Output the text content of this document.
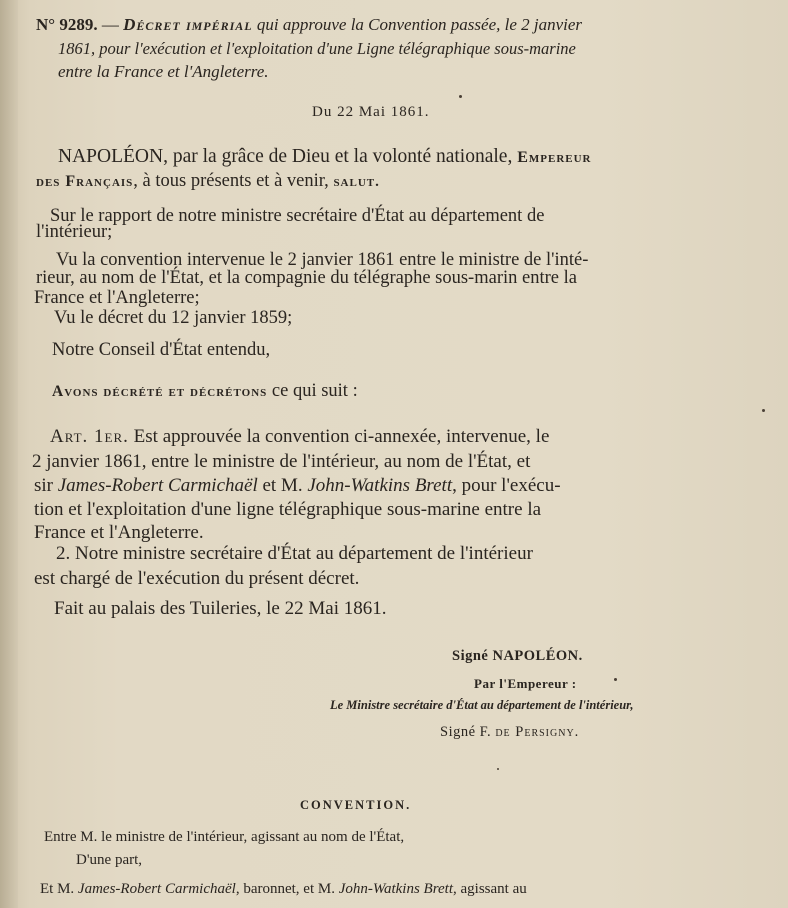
N° 9289. — Décret impérial qui approuve la Convention passée, le 2 janvier
1861, pour l'exécution et l'exploitation d'une Ligne télégraphique sous-marine
entre la France et l'Angleterre.
Du 22 Mai 1861.
NAPOLÉON, par la grâce de Dieu et la volonté nationale, Empereur
des Français, à tous présents et à venir, salut.
Sur le rapport de notre ministre secrétaire d'État au département de
l'intérieur;
Vu la convention intervenue le 2 janvier 1861 entre le ministre de l'inté-
rieur, au nom de l'État, et la compagnie du télégraphe sous-marin entre la
France et l'Angleterre;
Vu le décret du 12 janvier 1859;
Notre Conseil d'État entendu,
Avons décrété et décrétons ce qui suit :
Art. 1er. Est approuvée la convention ci-annexée, intervenue, le
2 janvier 1861, entre le ministre de l'intérieur, au nom de l'État, et
sir James-Robert Carmichaël et M. John-Watkins Brett, pour l'exécu-
tion et l'exploitation d'une ligne télégraphique sous-marine entre la
France et l'Angleterre.
2. Notre ministre secrétaire d'État au département de l'intérieur
est chargé de l'exécution du présent décret.
Fait au palais des Tuileries, le 22 Mai 1861.
Signé NAPOLÉON.
Par l'Empereur :
Le Ministre secrétaire d'État au département de l'intérieur,
Signé F. de Persigny.
CONVENTION.
Entre M. le ministre de l'intérieur, agissant au nom de l'État,
D'une part,
Et M. James-Robert Carmichaël, baronnet, et M. John-Watkins Brett, agissant au
